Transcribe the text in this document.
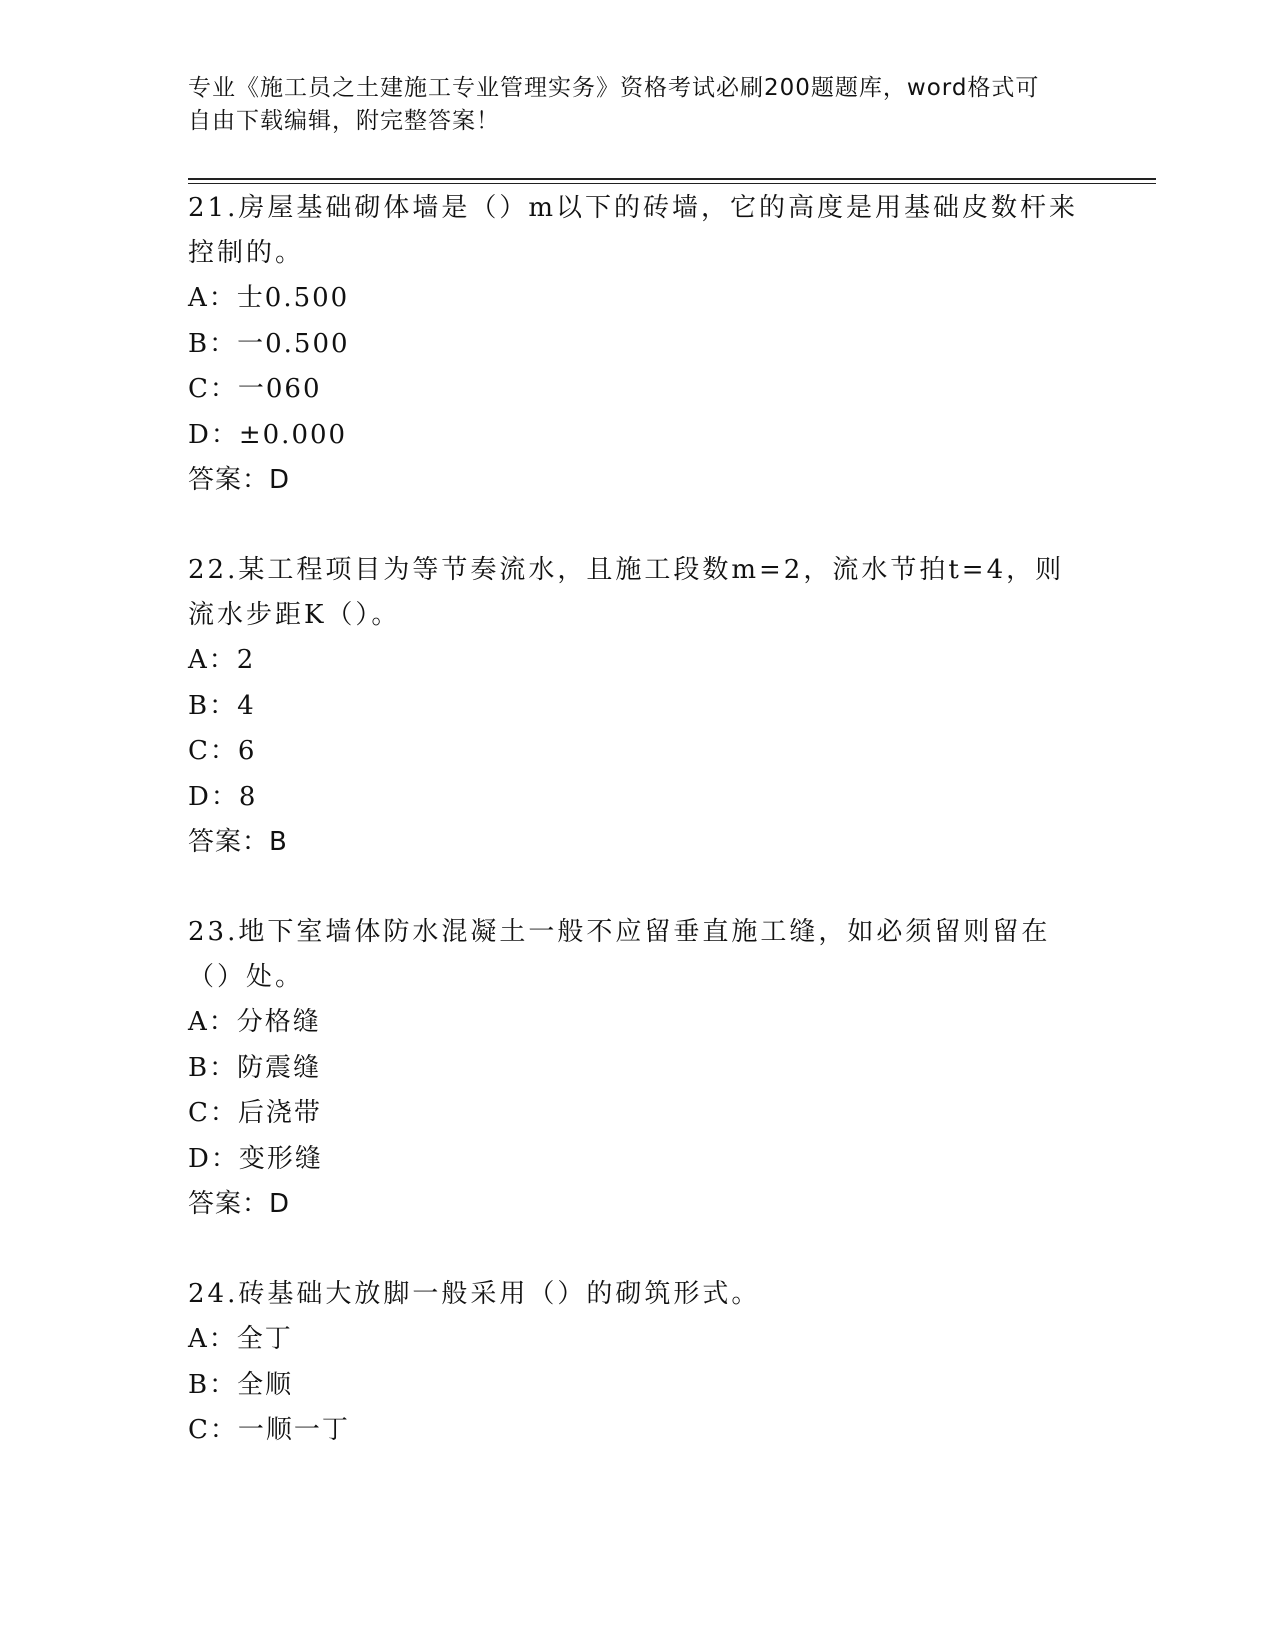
专业《施工员之土建施工专业管理实务》资格考试必刷200题题库，word格式可
自由下载编辑，附完整答案！

21.房屋基础砌体墙是（）m以下的砖墙，它的高度是用基础皮数杆来控制的。

A：士0.500

B：一0.500

C：一060

D：±0.000

答案：D

22.某工程项目为等节奏流水，且施工段数m=2，流水节拍t=4，则流水步距K（）。

A：2

B：4

C：6

D：8

答案：B

23.地下室墙体防水混凝土一般不应留垂直施工缝，如必须留则留在（）处。

A：分格缝

B：防震缝

C：后浇带

D：变形缝

答案：D

24.砖基础大放脚一般采用（）的砌筑形式。

A：全丁

B：全顺

C：一顺一丁
